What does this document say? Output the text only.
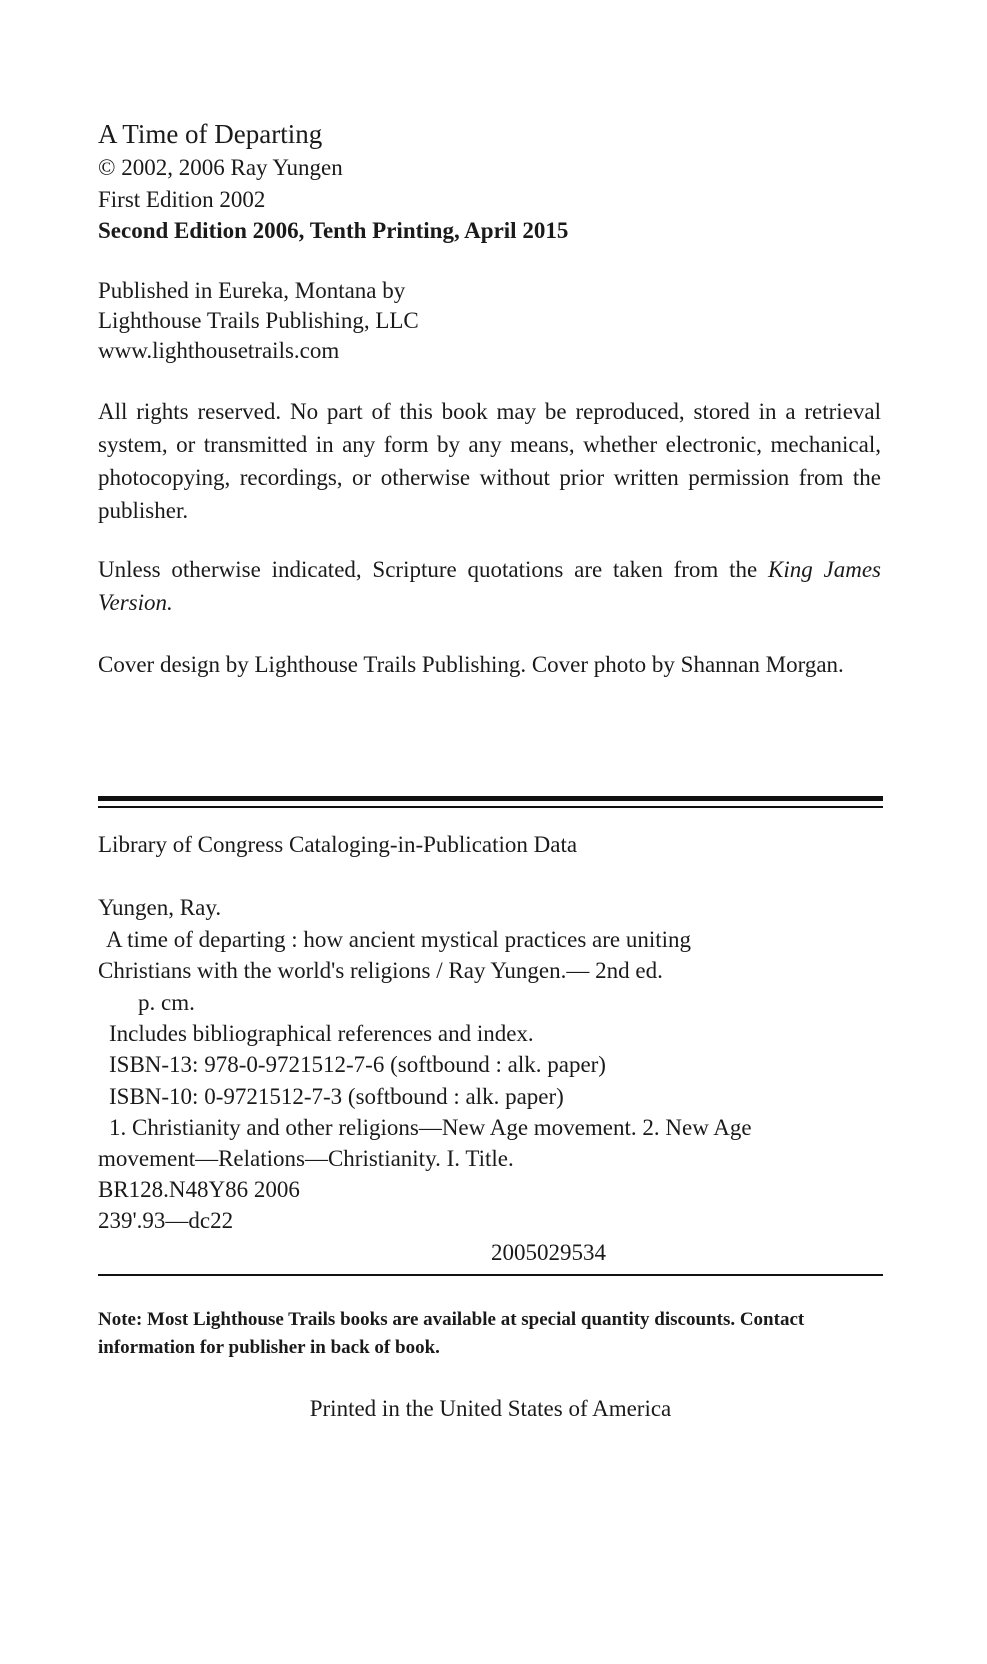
A Time of Departing
© 2002, 2006 Ray Yungen
First Edition 2002
Second Edition 2006, Tenth Printing, April 2015
Published in Eureka, Montana by
Lighthouse Trails Publishing, LLC
www.lighthousetrails.com
All rights reserved. No part of this book may be reproduced, stored in a retrieval system, or transmitted in any form by any means, whether electronic, mechanical, photocopying, recordings, or otherwise without prior written permission from the publisher.
Unless otherwise indicated, Scripture quotations are taken from the King James Version.
Cover design by Lighthouse Trails Publishing. Cover photo by Shannan Morgan.
Library of Congress Cataloging-in-Publication Data
Yungen, Ray.
A time of departing : how ancient mystical practices are uniting
Christians with the world's religions / Ray Yungen.— 2nd ed.
p. cm.
Includes bibliographical references and index.
ISBN-13: 978-0-9721512-7-6 (softbound : alk. paper)
ISBN-10: 0-9721512-7-3 (softbound : alk. paper)
1. Christianity and other religions—New Age movement. 2. New Age
movement—Relations—Christianity. I. Title.
BR128.N48Y86 2006
239'.93—dc22
2005029534
Note: Most Lighthouse Trails books are available at special quantity discounts. Contact information for publisher in back of book.
Printed in the United States of America
